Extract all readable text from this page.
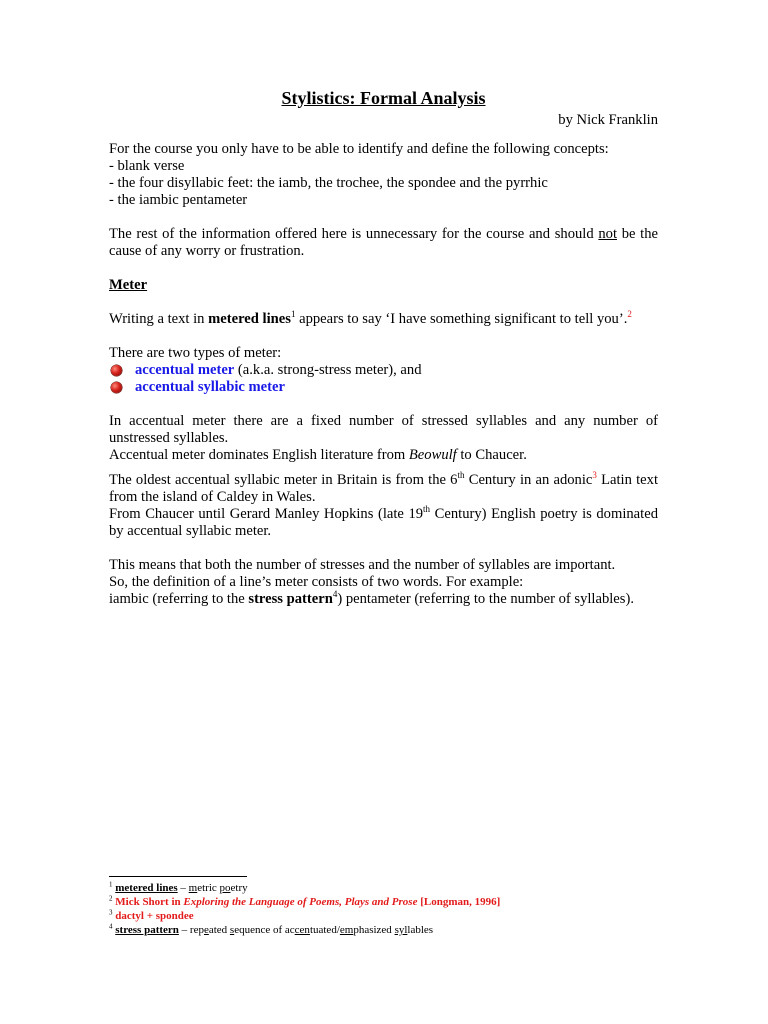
Stylistics: Formal Analysis
by Nick Franklin

For the course you only have to be able to identify and define the following concepts:

- blank verse

- the four disyllabic feet: the iamb, the trochee, the spondee and the pyrrhic

- the iambic pentameter

The rest of the information offered here is unnecessary for the course and should not be the cause of any worry or frustration.

Meter

Writing a text in metered lines$^1$ appears to say ‘I have something significant to tell you’.$^2$

There are two types of meter:

accentual meter (a.k.a. strong-stress meter), and
accentual syllabic meter

In accentual meter there are a fixed number of stressed syllables and any number of unstressed syllables.

Accentual meter dominates English literature from Beowulf to Chaucer.

The oldest accentual syllabic meter in Britain is from the 6th Century in an adonic$^3$ Latin text from the island of Caldey in Wales.

From Chaucer until Gerard Manley Hopkins (late 19th Century) English poetry is dominated by accentual syllabic meter.

This means that both the number of stresses and the number of syllables are important.

So, the definition of a line’s meter consists of two words. For example:

iambic (referring to the stress pattern$^4$) pentameter (referring to the number of syllables).

$^1$ metered lines – metric poetry
$^2$ Mick Short in Exploring the Language of Poems, Plays and Prose [Longman, 1996]
$^3$ dactyl + spondee
$^4$ stress pattern – repeated sequence of accentuated/emphasized syllables
